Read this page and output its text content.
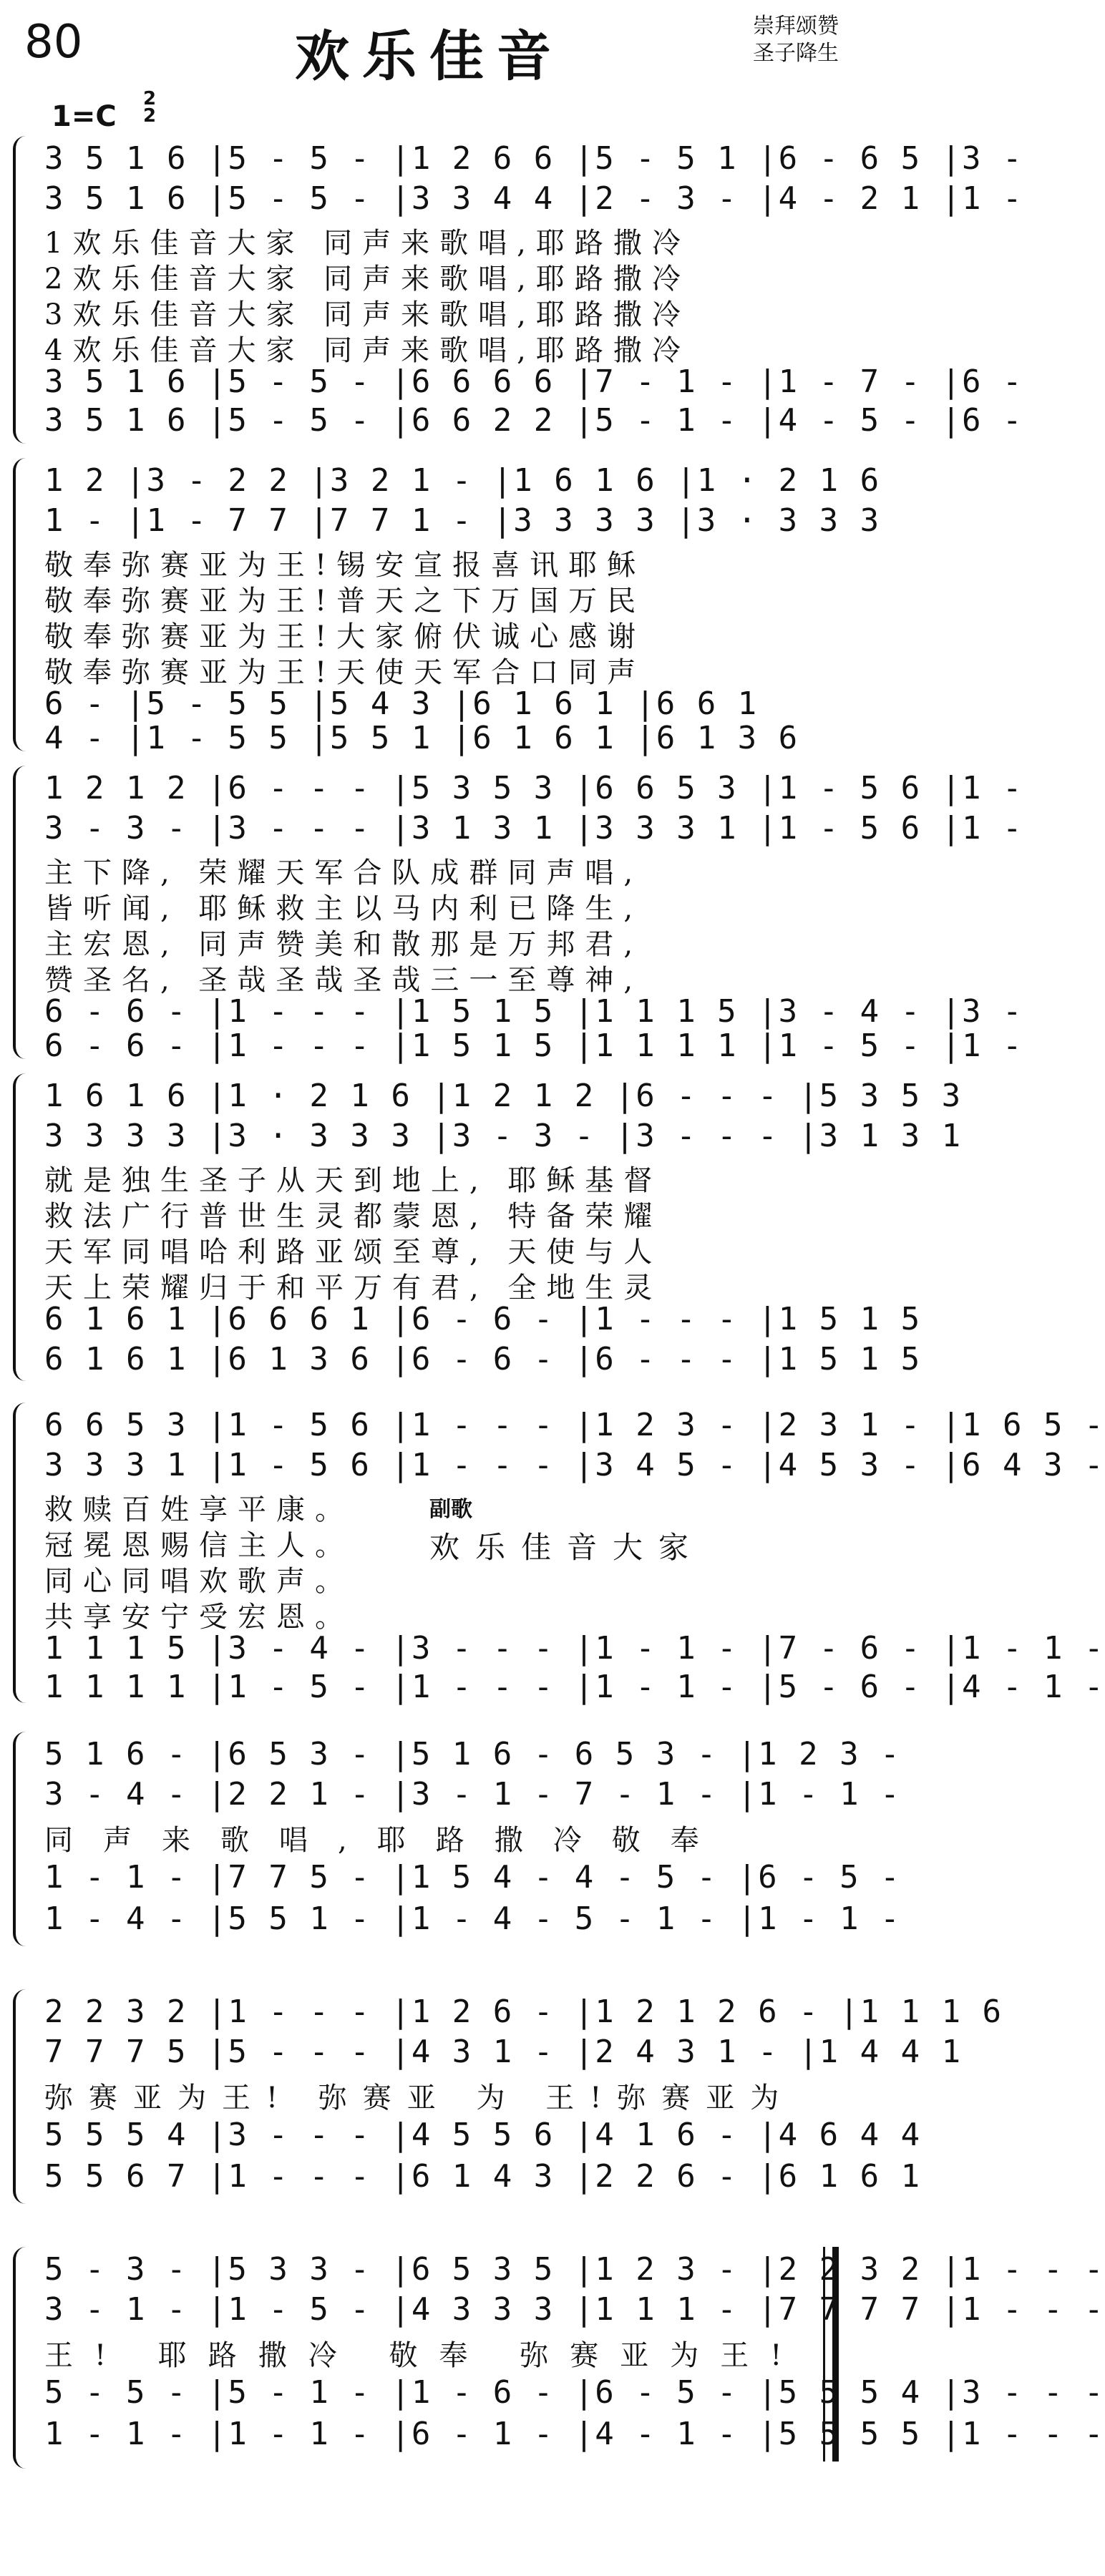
80	欢乐佳音	崇拜颂赞
圣子降生
1=C
2
2
3 5 1 6 |5 - 5 - |1 2 6 6 |5 - 5 1 |6 - 6 5 |3 -
3 5 1 6 |5 - 5 - |3 3 4 4 |2 - 3 - |4 - 2 1 |1 -
1欢乐佳音大家 同声来歌唱,耶路撒冷
2欢乐佳音大家 同声来歌唱,耶路撒冷
3欢乐佳音大家 同声来歌唱,耶路撒冷
4欢乐佳音大家 同声来歌唱,耶路撒冷
3 5 1 6 |5 - 5 - |6 6 6 6 |7 - 1 - |1 - 7 - |6 -
3 5 1 6 |5 - 5 - |6 6 2 2 |5 - 1 - |4 - 5 - |6 -
1 2 |3 - 2 2 |3 2 1 - |1 6 1 6 |1 · 2 1 6
1 - |1 - 7 7 |7 7 1 - |3 3 3 3 |3 · 3 3 3
敬奉弥赛亚为王!锡安宣报喜讯耶稣
敬奉弥赛亚为王!普天之下万国万民
敬奉弥赛亚为王!大家俯伏诚心感谢
敬奉弥赛亚为王!天使天军合口同声
6 - |5 - 5 5 |5 4 3 |6 1 6 1 |6 6 1
4 - |1 - 5 5 |5 5 1 |6 1 6 1 |6 1 3 6
1 2 1 2 |6 - - - |5 3 5 3 |6 6 5 3 |1 - 5 6 |1 -
3 - 3 - |3 - - - |3 1 3 1 |3 3 3 1 |1 - 5 6 |1 -
主下降, 荣耀天军合队成群同声唱,
皆听闻, 耶稣救主以马内利已降生,
主宏恩, 同声赞美和散那是万邦君,
赞圣名, 圣哉圣哉圣哉三一至尊神,
6 - 6 - |1 - - - |1 5 1 5 |1 1 1 5 |3 - 4 - |3 -
6 - 6 - |1 - - - |1 5 1 5 |1 1 1 1 |1 - 5 - |1 -
1 6 1 6 |1 · 2 1 6 |1 2 1 2 |6 - - - |5 3 5 3
3 3 3 3 |3 · 3 3 3 |3 - 3 - |3 - - - |3 1 3 1
就是独生圣子从天到地上, 耶稣基督
救法广行普世生灵都蒙恩, 特备荣耀
天军同唱哈利路亚颂至尊, 天使与人
天上荣耀归于和平万有君, 全地生灵
6 1 6 1 |6 6 6 1 |6 - 6 - |1 - - - |1 5 1 5
6 1 6 1 |6 1 3 6 |6 - 6 - |6 - - - |1 5 1 5
6 6 5 3 |1 - 5 6 |1 - - - |1 2 3 - |2 3 1 - |1 6 5 -
3 3 3 1 |1 - 5 6 |1 - - - |3 4 5 - |4 5 3 - |6 4 3 -
救赎百姓享平康。
冠冕恩赐信主人。
同心同唱欢歌声。
共享安宁受宏恩。
副歌
欢乐佳音大家
1 1 1 5 |3 - 4 - |3 - - - |1 - 1 - |7 - 6 - |1 - 1 -
1 1 1 1 |1 - 5 - |1 - - - |1 - 1 - |5 - 6 - |4 - 1 -
5 1 6 - |6 5 3 - |5 1 6 - 6 5 3 - |1 2 3 -
3 - 4 - |2 2 1 - |3 - 1 - 7 - 1 - |1 - 1 -
同声来歌唱,耶路撒冷敬奉
1 - 1 - |7 7 5 - |1 5 4 - 4 - 5 - |6 - 5 -
1 - 4 - |5 5 1 - |1 - 4 - 5 - 1 - |1 - 1 -
2 2 3 2 |1 - - - |1 2 6 - |1 2 1 2 6 - |1 1 1 6
7 7 7 5 |5 - - - |4 3 1 - |2 4 3 1 - |1 4 4 1
弥赛亚为王! 弥赛亚 为 王!弥赛亚为
5 5 5 4 |3 - - - |4 5 5 6 |4 1 6 - |4 6 4 4
5 5 6 7 |1 - - - |6 1 4 3 |2 2 6 - |6 1 6 1
5 - 3 - |5 3 3 - |6 5 3 5 |1 2 3 - |2 2 3 2 |1 - - -
3 - 1 - |1 - 5 - |4 3 3 3 |1 1 1 - |7 7 7 7 |1 - - -
王! 耶路撒冷 敬奉 弥赛亚为王!
5 - 5 - |5 - 1 - |1 - 6 - |6 - 5 - |5 5 5 4 |3 - - -
1 - 1 - |1 - 1 - |6 - 1 - |4 - 1 - |5 5 5 5 |1 - - -
